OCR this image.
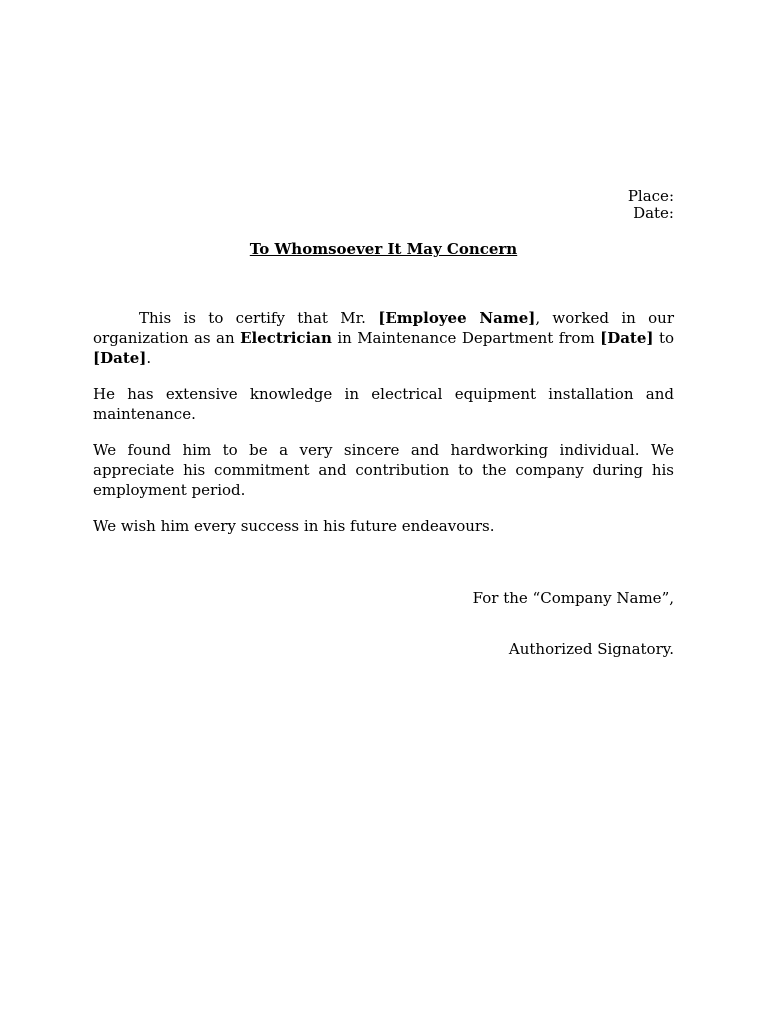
Place:
Date:
To Whomsoever It May Concern

This is to certify that Mr. [Employee Name], worked in our organization as an Electrician in Maintenance Department from [Date] to [Date].

He has extensive knowledge in electrical equipment installation and maintenance.

We found him to be a very sincere and hardworking individual. We appreciate his commitment and contribution to the company during his employment period.

We wish him every success in his future endeavours.

For the “Company Name”,
Authorized Signatory.
